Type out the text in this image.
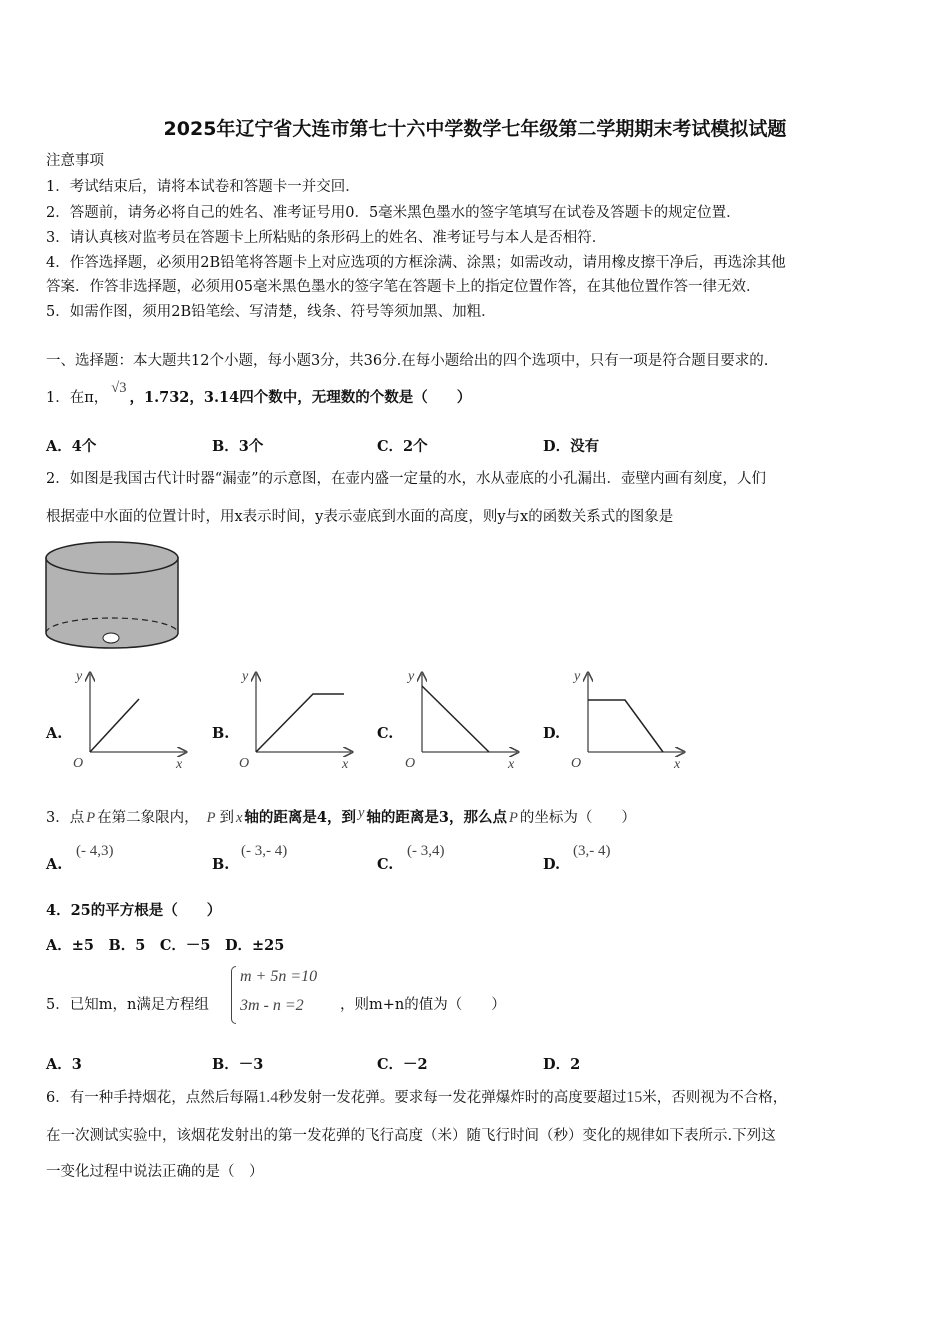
2025年辽宁省大连市第七十六中学数学七年级第二学期期末考试模拟试题
注意事项
1．考试结束后，请将本试卷和答题卡一并交回．
2．答题前，请务必将自己的姓名、准考证号用0．5毫米黑色墨水的签字笔填写在试卷及答题卡的规定位置．
3．请认真核对监考员在答题卡上所粘贴的条形码上的姓名、准考证号与本人是否相符．
4．作答选择题，必须用2B铅笔将答题卡上对应选项的方框涂满、涂黑；如需改动，请用橡皮擦干净后，再选涂其他
答案．作答非选择题，必须用05毫米黑色墨水的签字笔在答题卡上的指定位置作答，在其他位置作答一律无效．
5．如需作图，须用2B铅笔绘、写清楚，线条、符号等须加黑、加粗．
一、选择题：本大题共12个小题，每小题3分，共36分.在每小题给出的四个选项中，只有一项是符合题目要求的.
1．在π，√3，1.732，3.14四个数中，无理数的个数是（　　）
A．4个	B．3个	C．2个	D．没有
2．如图是我国古代计时器“漏壶”的示意图，在壶内盛一定量的水，水从壶底的小孔漏出．壶壁内画有刻度，人们
根据壶中水面的位置计时，用x表示时间，y表示壶底到水面的高度，则y与x的函数关系式的图象是
A.	B.	C.	D.
y
O	x
y
O	x
y
O	x
y
O	x
3．点 P 在第二象限内， P 到 x 轴的距离是4，到 y 轴的距离是3，那么点 P 的坐标为（　　）
A.
(- 4,3)
B.
(- 3,- 4)
C.
(- 3,4)
D.
(3,- 4)
4．25的平方根是（　　）
A．±5　B．5　C．－5　D．±25
5．已知m，n满足方程组
m + 5n =10
3m - n =2	，则m+n的值为（　　）
A．3	B．－3	C．－2	D．2
6．有一种手持烟花，点然后每隔1.4秒发射一发花弹。要求每一发花弹爆炸时的高度要超过15米，否则视为不合格，
在一次测试实验中，该烟花发射出的第一发花弹的飞行高度（米）随飞行时间（秒）变化的规律如下表所示.下列这
一变化过程中说法正确的是（　）
